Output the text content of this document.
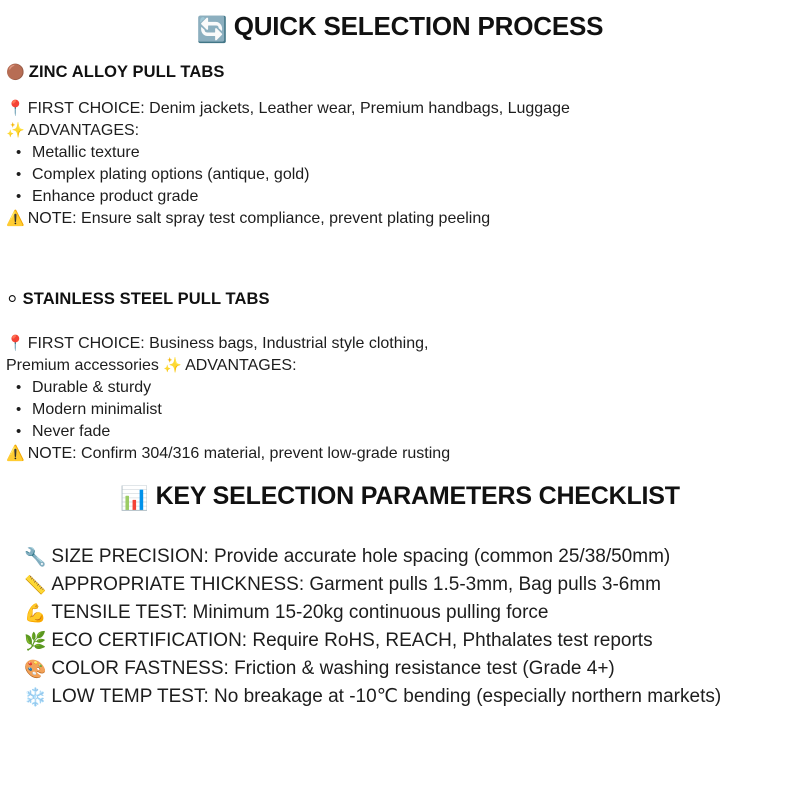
🔄 QUICK SELECTION PROCESS
🟤 ZINC ALLOY PULL TABS

📍 FIRST CHOICE: Denim jackets, Leather wear, Premium handbags, Luggage

✨ ADVANTAGES:

• Metallic texture
• Complex plating options (antique, gold)
• Enhance product grade

⚠️ NOTE: Ensure salt spray test compliance, prevent plating peeling

⚪ STAINLESS STEEL PULL TABS

📍 FIRST CHOICE: Business bags, Industrial style clothing, Premium accessories ✨ ADVANTAGES:

• Durable & sturdy
• Modern minimalist
• Never fade

⚠️ NOTE: Confirm 304/316 material, prevent low-grade rusting

📊 KEY SELECTION PARAMETERS CHECKLIST
🔧 SIZE PRECISION: Provide accurate hole spacing (common 25/38/50mm)
📏 APPROPRIATE THICKNESS: Garment pulls 1.5-3mm, Bag pulls 3-6mm
💪 TENSILE TEST: Minimum 15-20kg continuous pulling force
🌿 ECO CERTIFICATION: Require RoHS, REACH, Phthalates test reports
🎨 COLOR FASTNESS: Friction & washing resistance test (Grade 4+)
❄️ LOW TEMP TEST: No breakage at -10℃ bending (especially northern markets)
